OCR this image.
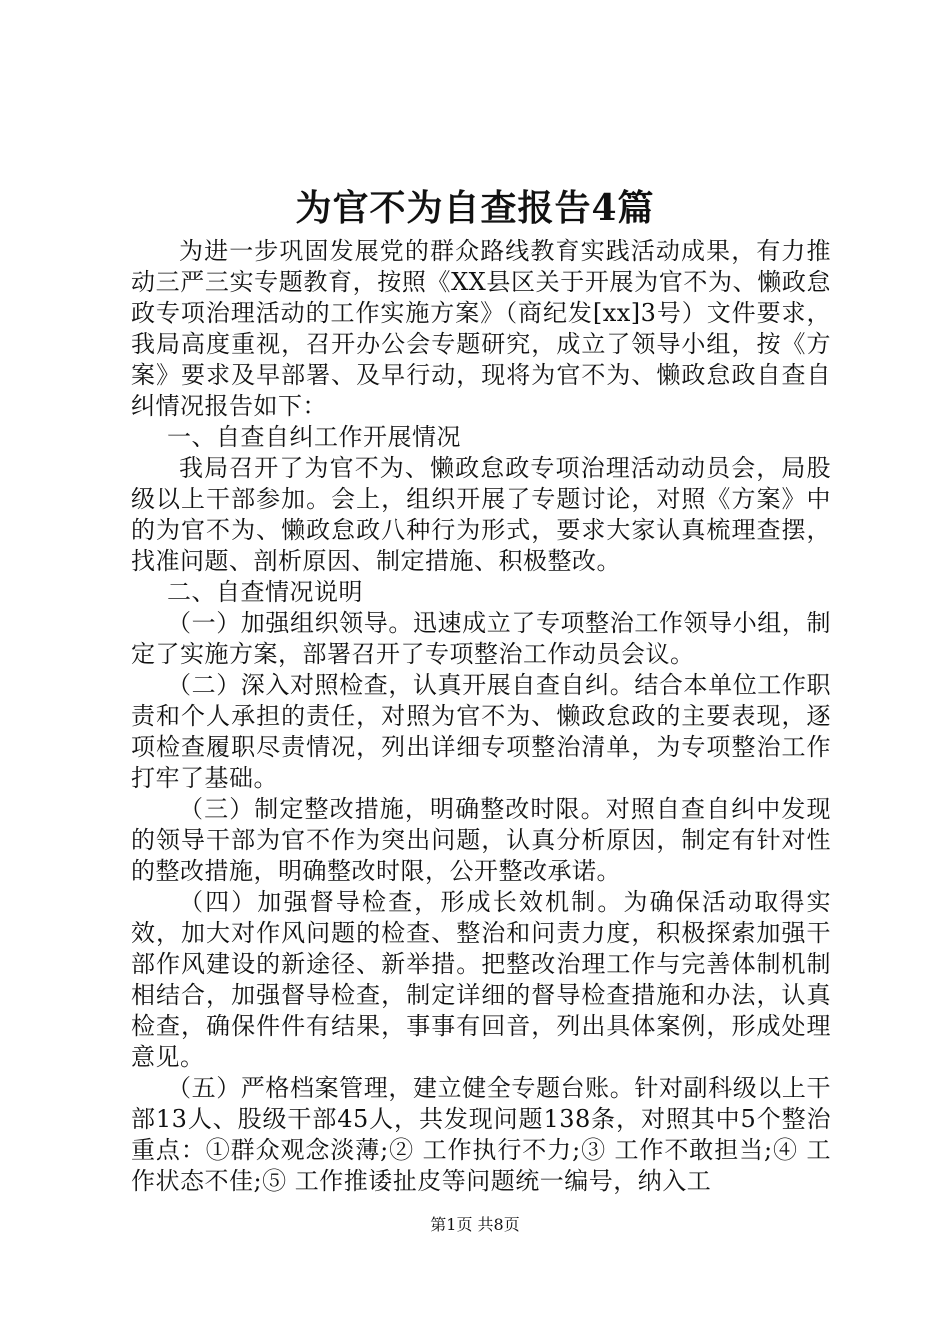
为官不为自查报告4篇

为进一步巩固发展党的群众路线教育实践活动成果，有力推动三严三实专题教育，按照《XX县区关于开展为官不为、懒政怠政专项治理活动的工作实施方案》（商纪发[xx]3号）文件要求，我局高度重视，召开办公会专题研究，成立了领导小组，按《方案》要求及早部署、及早行动，现将为官不为、懒政怠政自查自纠情况报告如下：

一、自查自纠工作开展情况

我局召开了为官不为、懒政怠政专项治理活动动员会，局股级以上干部参加。会上，组织开展了专题讨论，对照《方案》中的为官不为、懒政怠政八种行为形式，要求大家认真梳理查摆，找准问题、剖析原因、制定措施、积极整改。

二、自查情况说明

（一）加强组织领导。迅速成立了专项整治工作领导小组，制定了实施方案，部署召开了专项整治工作动员会议。

（二）深入对照检查，认真开展自查自纠。结合本单位工作职责和个人承担的责任，对照为官不为、懒政怠政的主要表现，逐项检查履职尽责情况，列出详细专项整治清单，为专项整治工作打牢了基础。

（三）制定整改措施，明确整改时限。对照自查自纠中发现的领导干部为官不作为突出问题，认真分析原因，制定有针对性的整改措施，明确整改时限，公开整改承诺。

（四）加强督导检查，形成长效机制。为确保活动取得实效，加大对作风问题的检查、整治和问责力度，积极探索加强干部作风建设的新途径、新举措。把整改治理工作与完善体制机制相结合，加强督导检查，制定详细的督导检查措施和办法，认真检查，确保件件有结果，事事有回音，列出具体案例，形成处理意见。

（五）严格档案管理，建立健全专题台账。针对副科级以上干部13人、股级干部45人，共发现问题138条，对照其中5个整治重点：①群众观念淡薄;② 工作执行不力;③ 工作不敢担当;④ 工作状态不佳;⑤ 工作推诿扯皮等问题统一编号，纳入工

第1页 共8页
